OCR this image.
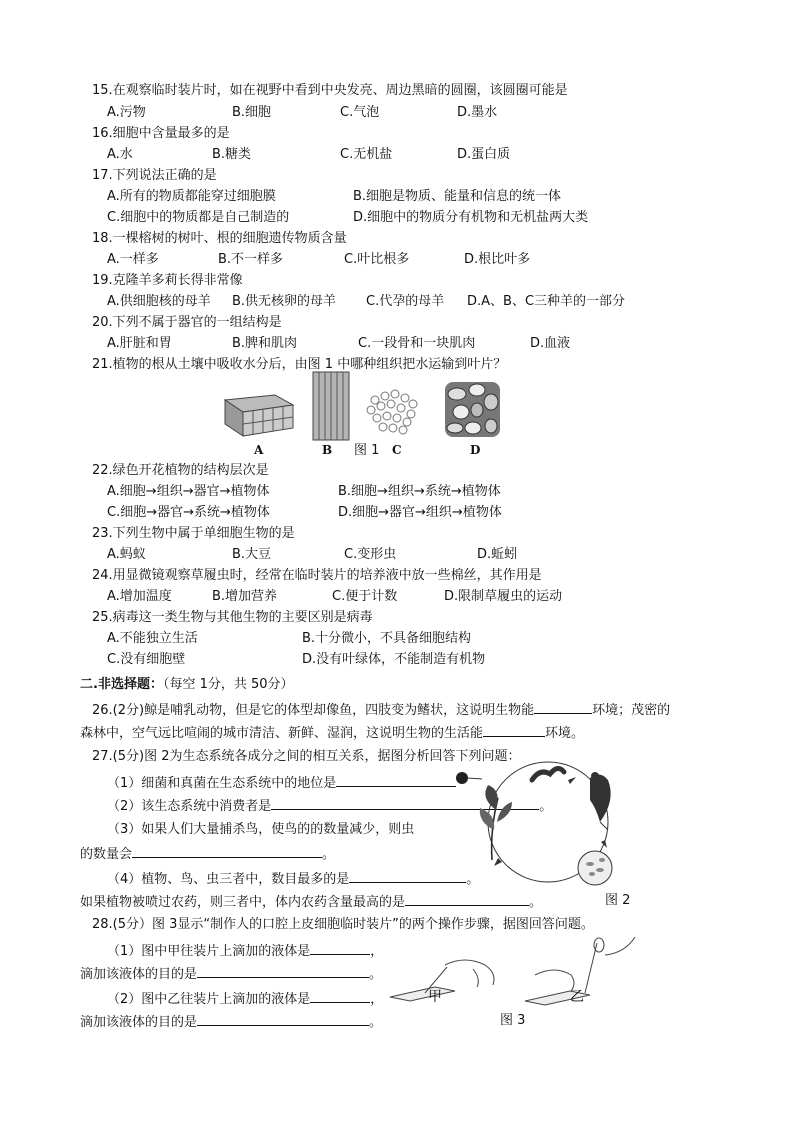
15.在观察临时装片时，如在视野中看到中央发亮、周边黑暗的圆圈，该圆圈可能是
A.污物	B.细胞	C.气泡	D.墨水
16.细胞中含量最多的是
A.水	B.糖类	C.无机盐	D.蛋白质
17.下列说法正确的是
A.所有的物质都能穿过细胞膜	B.细胞是物质、能量和信息的统一体
C.细胞中的物质都是自己制造的	D.细胞中的物质分有机物和无机盐两大类
18.一棵榕树的树叶、根的细胞遗传物质含量
A.一样多	B.不一样多	C.叶比根多	D.根比叶多
19.克隆羊多莉长得非常像
A.供细胞核的母羊 B.供无核卵的母羊 C.代孕的母羊 D.A、B、C三种羊的一部分
20.下列不属于器官的一组结构是
A.肝脏和胃	B.脾和肌肉	C.一段骨和一块肌肉	D.血液
21.植物的根从土壤中吸收水分后，由图 1 中哪种组织把水运输到叶片？
A	B 图 1 C	D
22.绿色开花植物的结构层次是
A.细胞→组织→器官→植物体	B.细胞→组织→系统→植物体
C.细胞→器官→系统→植物体	D.细胞→器官→组织→植物体
23.下列生物中属于单细胞生物的是
A.蚂蚁	B.大豆	C.变形虫	D.蚯蚓
24.用显微镜观察草履虫时，经常在临时装片的培养液中放一些棉丝，其作用是
A.增加温度	B.增加营养	C.便于计数	D.限制草履虫的运动
25.病毒这一类生物与其他生物的主要区别是病毒
A.不能独立生活	B.十分微小，不具备细胞结构
C.没有细胞壁	D.没有叶绿体，不能制造有机物
二.非选择题：（每空 1分，共 50分）
26.(2分)鲸是哺乳动物，但是它的体型却像鱼，四肢变为鳍状，这说明生物能	环境；茂密的
森林中，空气远比喧闹的城市清洁、新鲜、湿润，这说明生物的生活能	环境。
27.(5分)图 2为生态系统各成分之间的相互关系，据图分析回答下列问题：
（1）细菌和真菌在生态系统中的地位是
（2）该生态系统中消费者是	。
（3）如果人们大量捕杀鸟，使鸟的的数量减少，则虫
的数量会	。
（4）植物、鸟、虫三者中，数目最多的是	。
如果植物被喷过农药，则三者中，体内农药含量最高的是	。	图 2
28.(5分）图 3显示“制作人的口腔上皮细胞临时装片”的两个操作步骤，据图回答问题。
（1）图中甲往装片上滴加的液体是	，
滴加该液体的目的是	。
（2）图中乙往装片上滴加的液体是	，
滴加该液体的目的是	。
甲	乙
图 3
